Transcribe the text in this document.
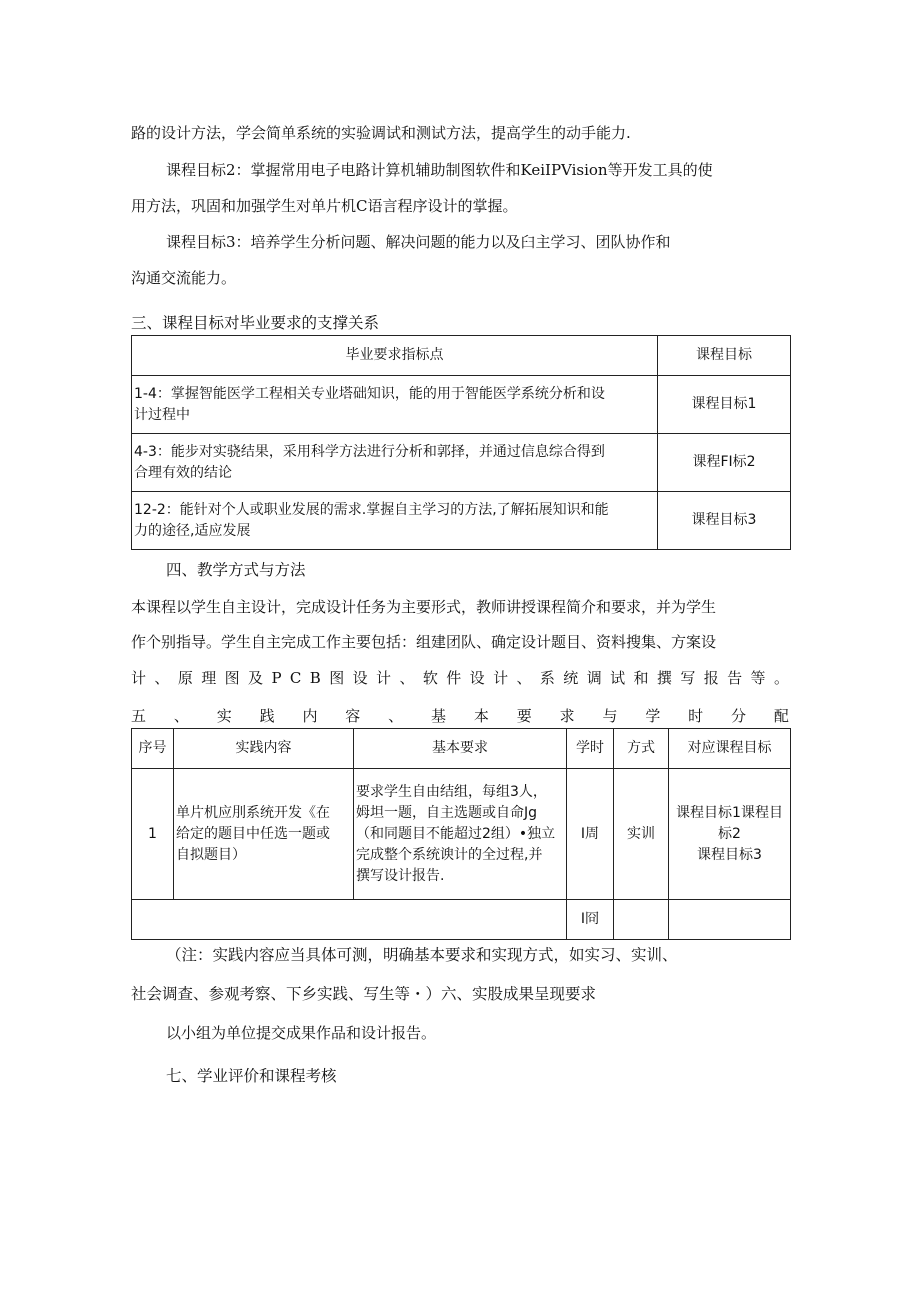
路的设计方法，学会简单系统的实验调试和测试方法，提高学生的动手能力.
课程目标2：掌握常用电子电路计算机辅助制图软件和KeiIPVision等开发工具的使
用方法，巩固和加强学生对单片机C语言程序设计的掌握。
课程目标3：培养学生分析问题、解决问题的能力以及臼主学习、团队协作和
沟通交流能力。
三、课程目标对毕业要求的支撑关系
毕业要求指标点	课程目标
1-4：掌握智能医学工程相关专业塔础知识，能的用于智能医学系统分析和设
计过程中	课程目标1
4-3：能步对实骁结果，采用科学方法进行分析和郭择，并通过信息综合得到
合理有效的结论	课程FI标2
12-2：能针对个人或职业发展的需求.掌握自主学习的方法,了解拓展知识和能
力的途径,适应发展	课程目标3
四、教学方式与方法
本课程以学生自主设计，完成设计任务为主要形式，教师讲授课程简介和要求，并为学生
作个别指导。学生自主完成工作主要包括：组建团队、确定设计题目、资料搜集、方案设
计 、 原 理 图 及 P C B 图 设 计 、 软 件 设 计 、 系 统 调 试 和 撰 写 报 告 等 。
五 、 实 践 内 容 、 基 本 要 求 与 学 时 分 配
序号	实践内容	基本要求	学时	方式	对应课程目标
1	单片机应刖系统开发《在
给定的题目中任选一题或
自拟题目）	要求学生自由结组，每组3人，
姆坦一题，自主选题或自命Jg
（和同题目不能超过2组）•独立
完成整个系统谀计的全过程,并
撰写设计报告.	I周	实训	课程目标1课程目
标2
课程目标3
			I冏		
（注：实践内容应当具体可测，明确基本要求和实现方式，如实习、实训、
社会调查、参观考察、下乡实践、写生等・）六、实股成果呈现要求
以小组为单位提交成果作品和设计报告。
七、学业评价和课程考核
